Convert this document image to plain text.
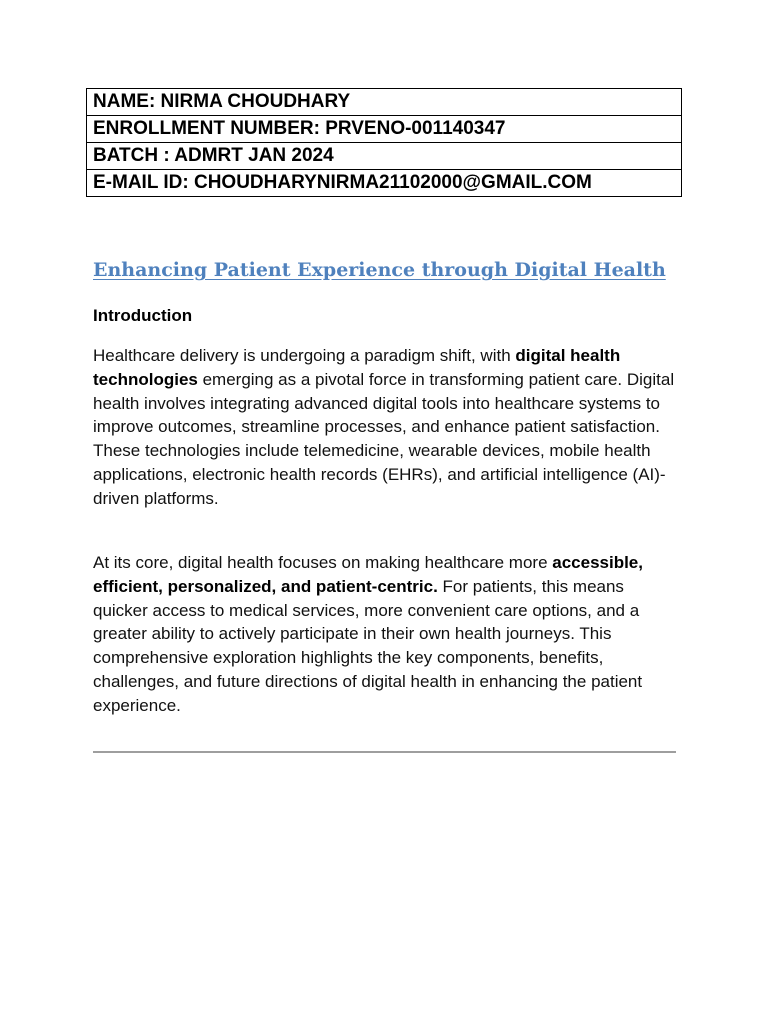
NAME: NIRMA CHOUDHARY
ENROLLMENT NUMBER: PRVENO-001140347
BATCH : ADMRT JAN 2024
E-MAIL ID: CHOUDHARYNIRMA21102000@GMAIL.COM
Enhancing Patient Experience through Digital Health
Introduction

Healthcare delivery is undergoing a paradigm shift, with digital health technologies emerging as a pivotal force in transforming patient care. Digital health involves integrating advanced digital tools into healthcare systems to improve outcomes, streamline processes, and enhance patient satisfaction. These technologies include telemedicine, wearable devices, mobile health applications, electronic health records (EHRs), and artificial intelligence (AI)-driven platforms.

At its core, digital health focuses on making healthcare more accessible, efficient, personalized, and patient-centric. For patients, this means quicker access to medical services, more convenient care options, and a greater ability to actively participate in their own health journeys. This comprehensive exploration highlights the key components, benefits, challenges, and future directions of digital health in enhancing the patient experience.
